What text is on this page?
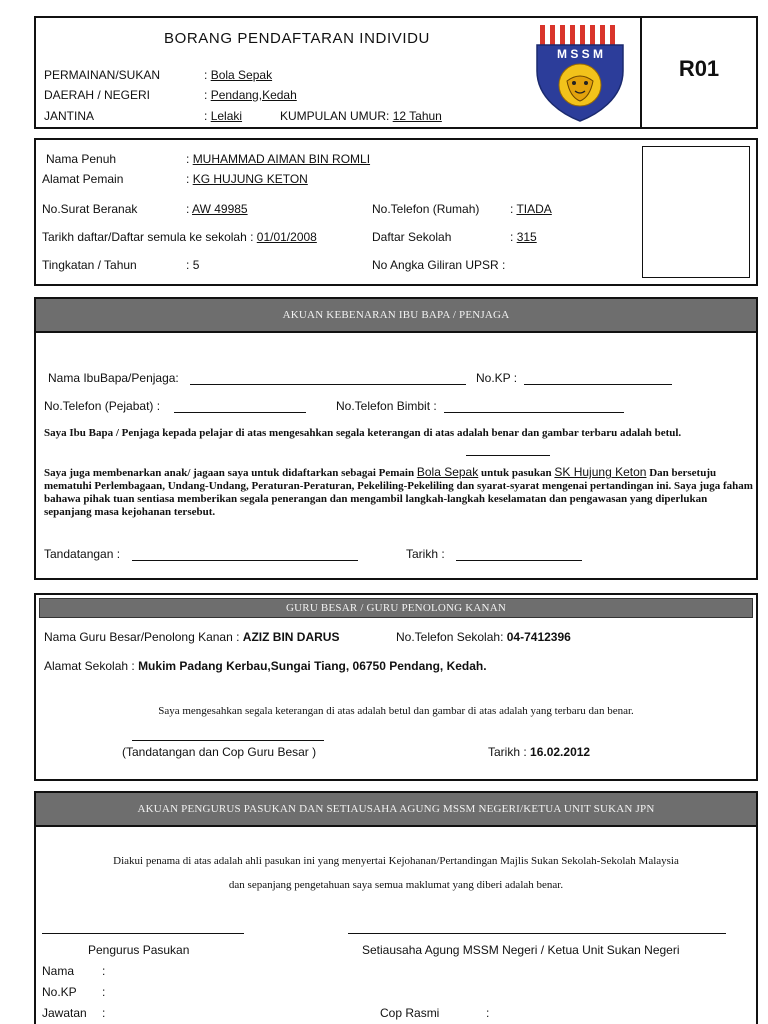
BORANG PENDAFTARAN INDIVIDU
PERMAINAN/SUKAN	: Bola Sepak
DAERAH / NEGERI	: Pendang,Kedah
JANTINA	: Lelaki	KUMPULAN UMUR: 12 Tahun
M S S M
R01
Nama Penuh	: MUHAMMAD AIMAN BIN ROMLI
Alamat Pemain	: KG HUJUNG KETON
No.Surat Beranak	: AW 49985	No.Telefon (Rumah)	: TIADA
Tarikh daftar/Daftar semula ke sekolah : 01/01/2008	Daftar Sekolah	: 315
Tingkatan / Tahun	: 5	No Angka Giliran UPSR :
AKUAN KEBENARAN IBU BAPA / PENJAGA
Nama IbuBapa/Penjaga:	No.KP :
No.Telefon (Pejabat) :	No.Telefon Bimbit :
Saya Ibu Bapa / Penjaga kepada pelajar di atas mengesahkan segala keterangan di atas adalah benar dan gambar terbaru adalah betul.
Saya juga membenarkan anak/ jagaan saya untuk didaftarkan sebagai Pemain Bola Sepak untuk pasukan SK Hujung Keton Dan bersetuju mematuhi Perlembagaan, Undang-Undang, Peraturan-Peraturan, Pekeliling-Pekeliling dan syarat-syarat mengenai pertandingan ini. Saya juga faham bahawa pihak tuan sentiasa memberikan segala penerangan dan mengambil langkah-langkah keselamatan dan pengawasan yang diperlukan sepanjang masa kejohanan tersebut.
Tandatangan :	Tarikh :
GURU BESAR / GURU PENOLONG KANAN
Nama Guru Besar/Penolong Kanan : AZIZ BIN DARUS	No.Telefon Sekolah: 04-7412396
Alamat Sekolah : Mukim Padang Kerbau,Sungai Tiang, 06750 Pendang, Kedah.
Saya mengesahkan segala keterangan di atas adalah betul dan gambar di atas adalah yang terbaru dan benar.
(Tandatangan dan Cop Guru Besar )	Tarikh : 16.02.2012
AKUAN PENGURUS PASUKAN DAN SETIAUSAHA AGUNG MSSM NEGERI/KETUA UNIT SUKAN JPN
Diakui penama di atas adalah ahli pasukan ini yang menyertai Kejohanan/Pertandingan Majlis Sukan Sekolah-Sekolah Malaysia
dan sepanjang pengetahuan saya semua maklumat yang diberi adalah benar.
Pengurus Pasukan	Setiausaha Agung MSSM Negeri / Ketua Unit Sukan Negeri
Nama :
No.KP :
Jawatan :	Cop Rasmi	:
